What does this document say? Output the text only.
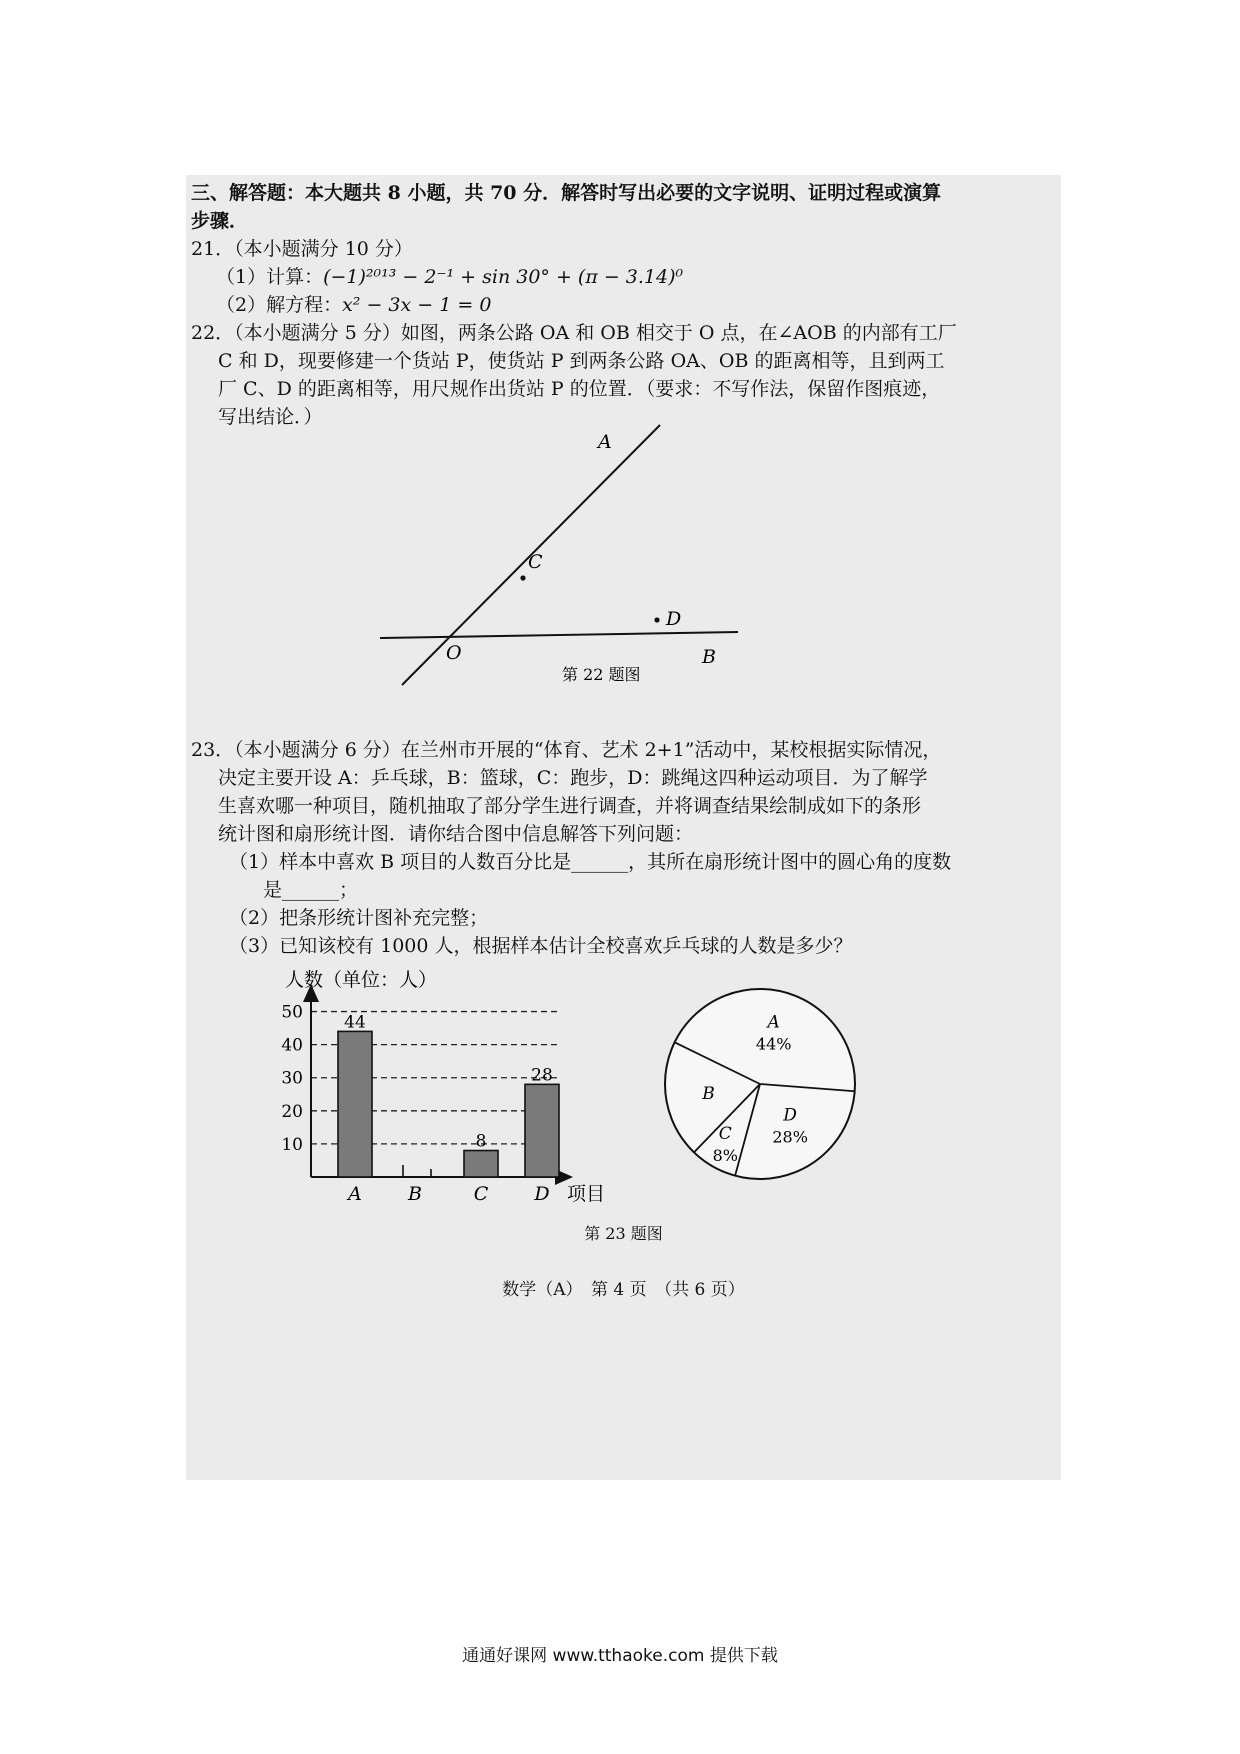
三、解答题：本大题共 8 小题，共 70 分．解答时写出必要的文字说明、证明过程或演算
步骤．
21．（本小题满分 10 分）
（1）计算：(−1)²⁰¹³ − 2⁻¹ + sin 30° + (π − 3.14)⁰
（2）解方程：x² − 3x − 1 = 0
22．（本小题满分 5 分）如图，两条公路 OA 和 OB 相交于 O 点，在∠AOB 的内部有工厂
C 和 D，现要修建一个货站 P，使货站 P 到两条公路 OA、OB 的距离相等，且到两工
厂 C、D 的距离相等，用尺规作出货站 P 的位置．（要求：不写作法，保留作图痕迹，
写出结论．）
A
C
D
O	B
第 22 题图
23．（本小题满分 6 分）在兰州市开展的“体育、艺术 2+1”活动中，某校根据实际情况，
决定主要开设 A：乒乓球，B：篮球，C：跑步，D：跳绳这四种运动项目．为了解学
生喜欢哪一种项目，随机抽取了部分学生进行调查，并将调查结果绘制成如下的条形
统计图和扇形统计图．请你结合图中信息解答下列问题：
（1）样本中喜欢 B 项目的人数百分比是______，其所在扇形统计图中的圆心角的度数
是______；
（2）把条形统计图补充完整；
（3）已知该校有 1000 人，根据样本估计全校喜欢乒乓球的人数是多少？
10
20
30
40
50 44
A B
8
C
28
D
人数（单位：人）
项目
A
44%
D
28%
C
8%
B
第 23 题图
数学（A）　第 4 页　（共 6 页）
通通好课网 www.tthaoke.com 提供下载
